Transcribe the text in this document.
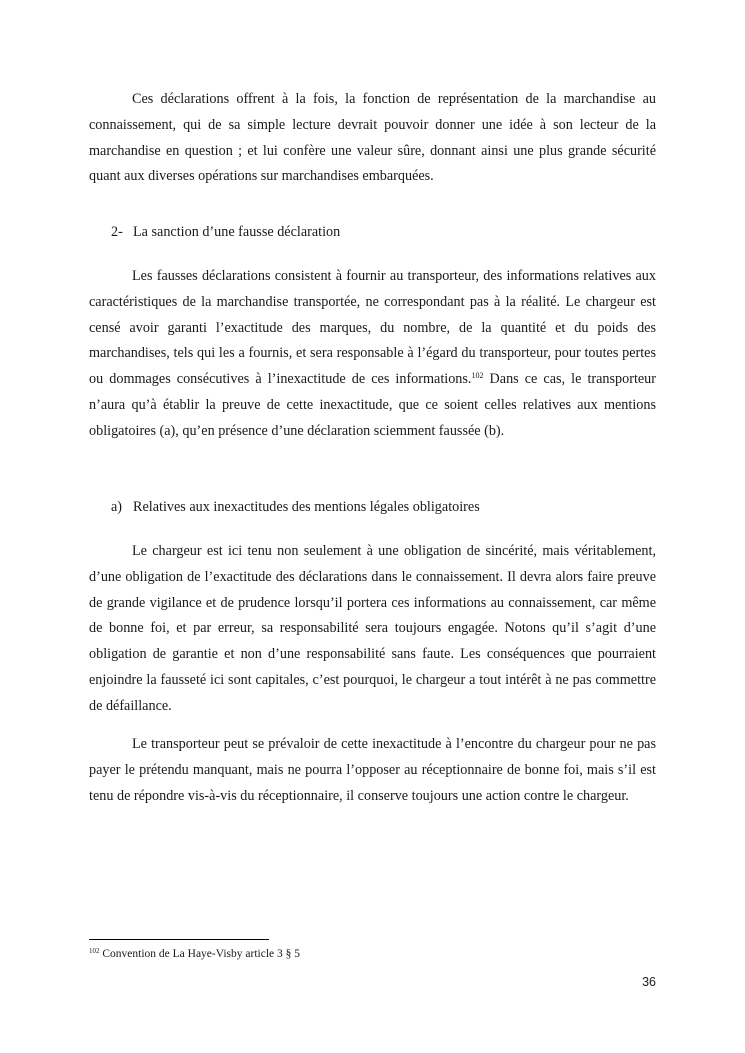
Ces déclarations offrent à la fois, la fonction de représentation de la marchandise au connaissement, qui de sa simple lecture devrait pouvoir donner une idée à son lecteur de la marchandise en question ; et lui confère une valeur sûre, donnant ainsi une plus grande sécurité quant aux diverses opérations sur marchandises embarquées.

2- La sanction d’une fausse déclaration

Les fausses déclarations consistent à fournir au transporteur, des informations relatives aux caractéristiques de la marchandise transportée, ne correspondant pas à la réalité. Le chargeur est censé avoir garanti l’exactitude des marques, du nombre, de la quantité et du poids des marchandises, tels qui les a fournis, et sera responsable à l’égard du transporteur, pour toutes pertes ou dommages consécutives à l’inexactitude de ces informations.$^{102}$ Dans ce cas, le transporteur n’aura qu’à établir la preuve de cette inexactitude, que ce soient celles relatives aux mentions obligatoires (a), qu’en présence d’une déclaration sciemment faussée (b).

a) Relatives aux inexactitudes des mentions légales obligatoires

Le chargeur est ici tenu non seulement à une obligation de sincérité, mais véritablement, d’une obligation de l’exactitude des déclarations dans le connaissement. Il devra alors faire preuve de grande vigilance et de prudence lorsqu’il portera ces informations au connaissement, car même de bonne foi, et par erreur, sa responsabilité sera toujours engagée. Notons qu’il s’agit d’une obligation de garantie et non d’une responsabilité sans faute. Les conséquences que pourraient enjoindre la fausseté ici sont capitales, c’est pourquoi, le chargeur a tout intérêt à ne pas commettre de défaillance.

Le transporteur peut se prévaloir de cette inexactitude à l’encontre du chargeur pour ne pas payer le prétendu manquant, mais ne pourra l’opposer au réceptionnaire de bonne foi, mais s’il est tenu de répondre vis-à-vis du réceptionnaire, il conserve toujours une action contre le chargeur.

$^{102}$ Convention de La Haye-Visby article 3 § 5

36
